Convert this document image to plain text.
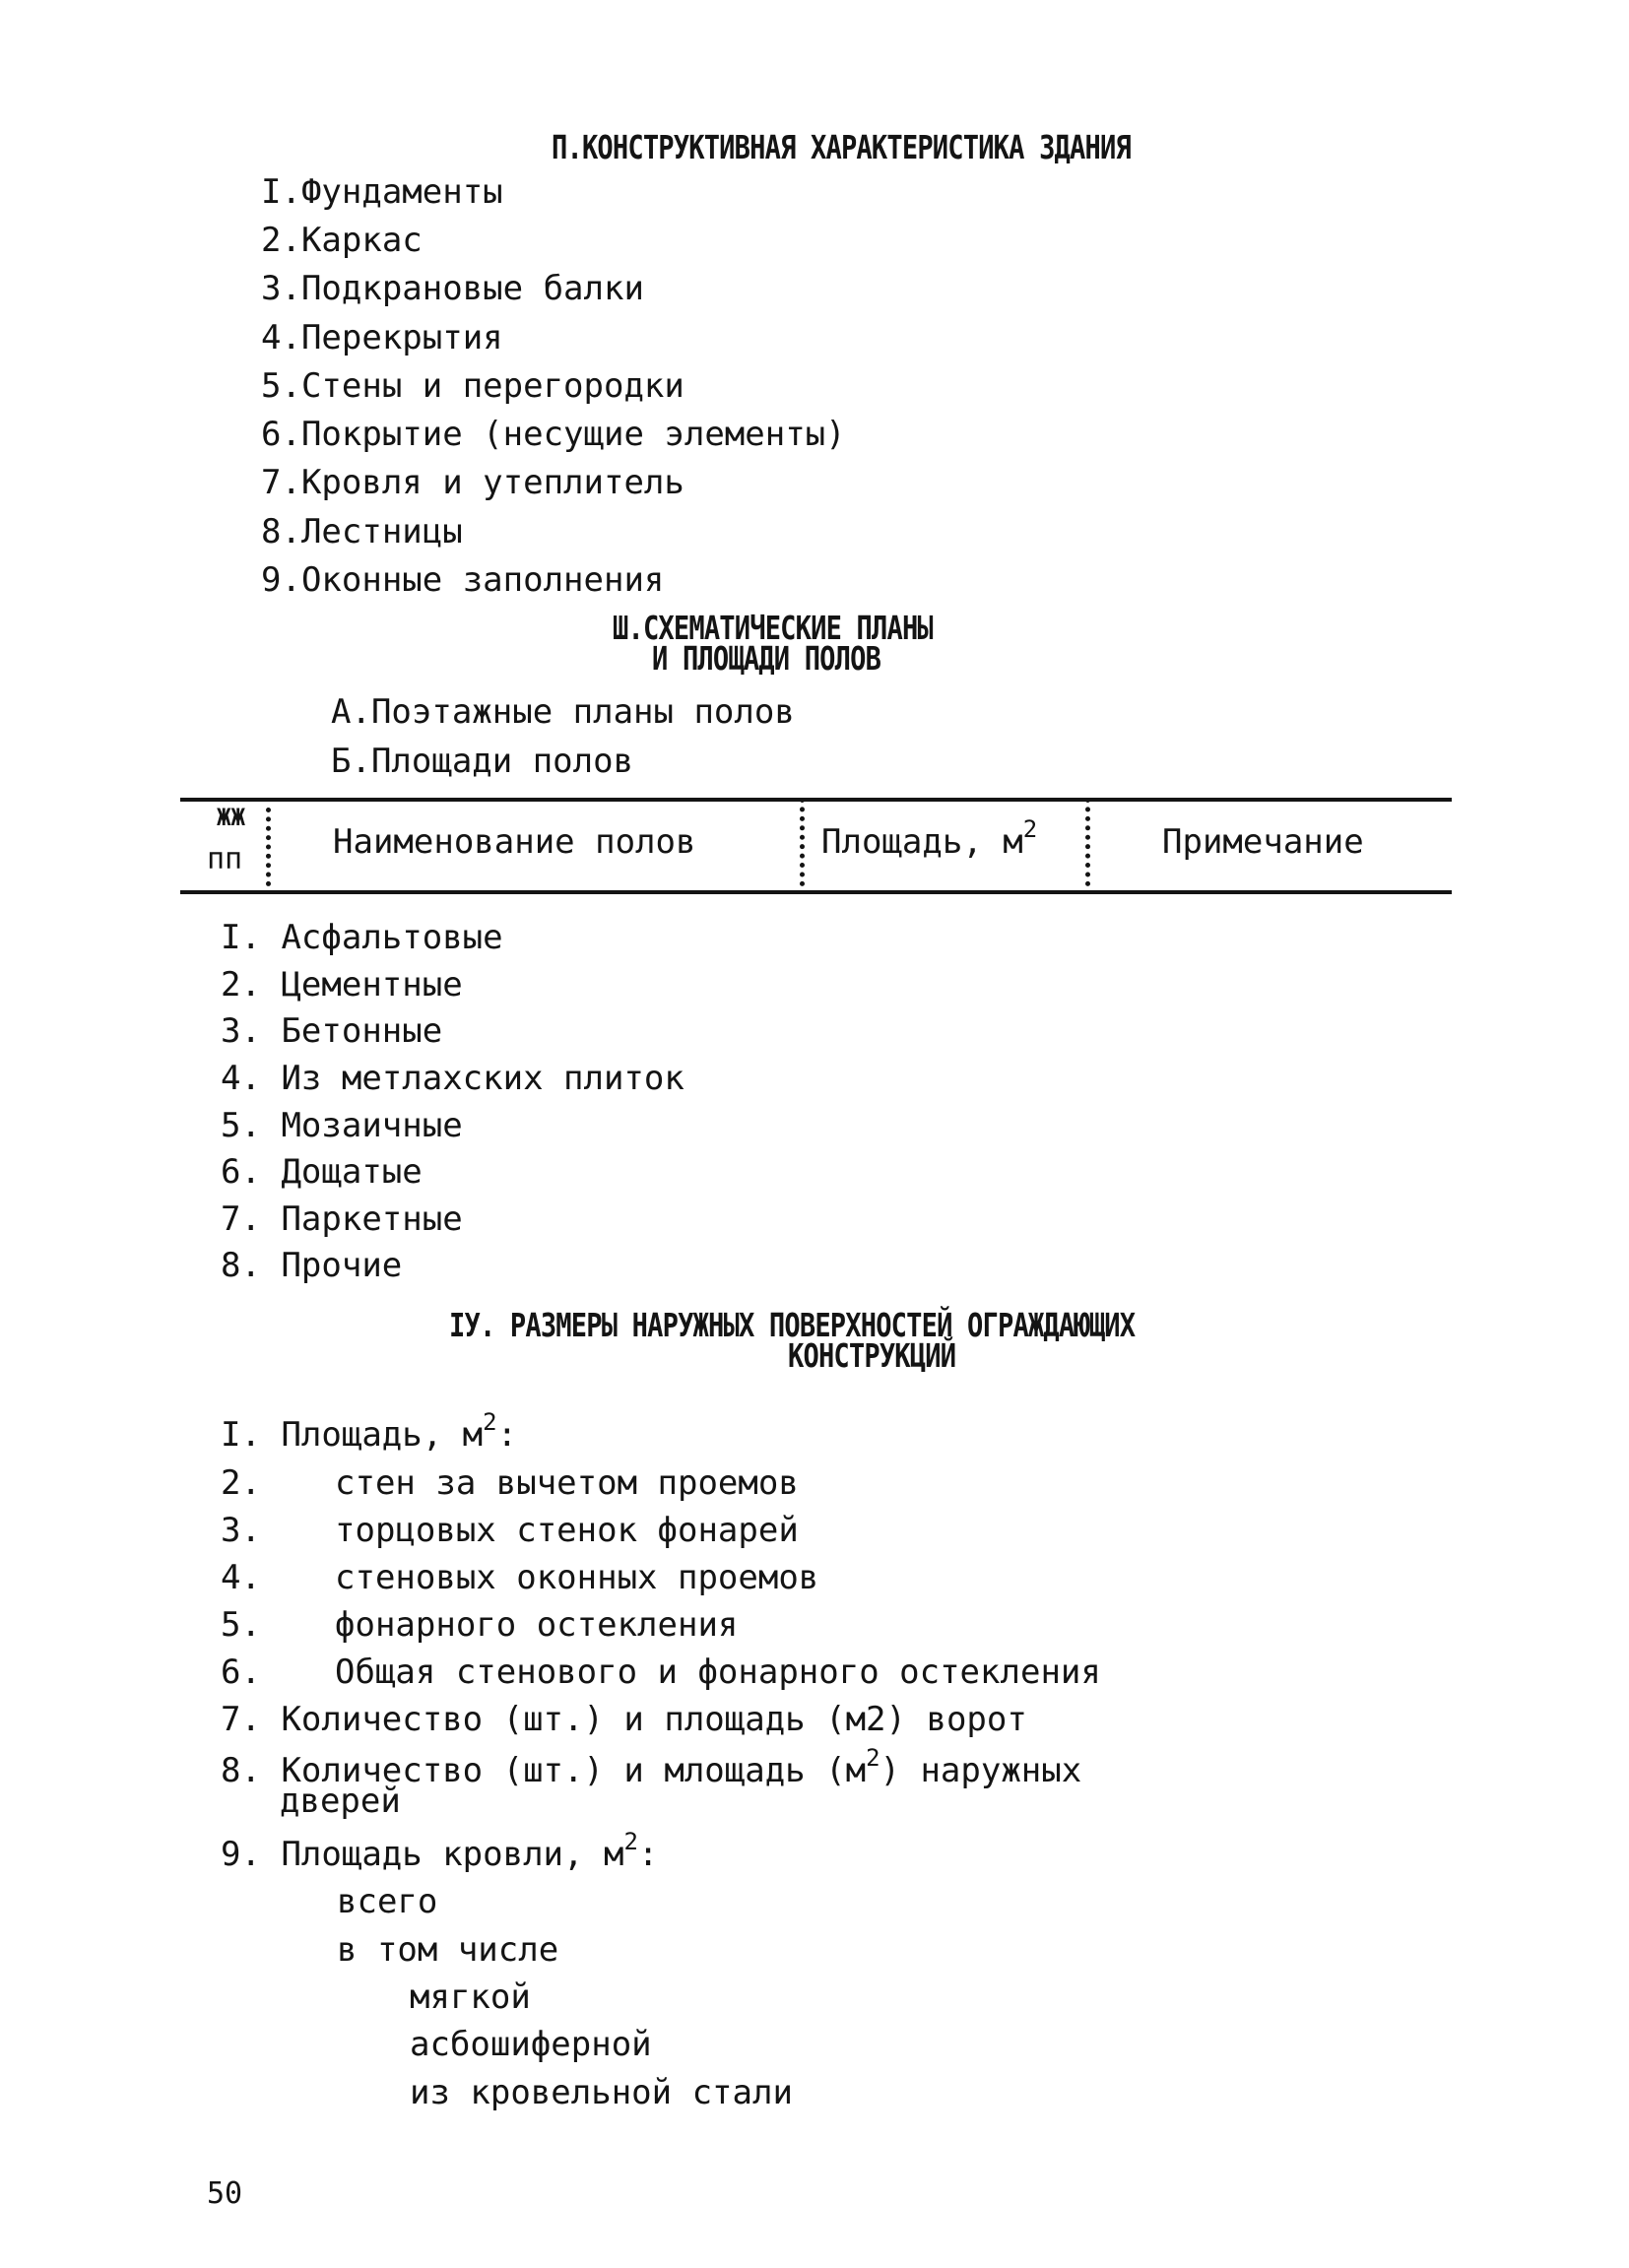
П.КОНСТРУКТИВНАЯ ХАРАКТЕРИСТИКА ЗДАНИЯ
I.Фундаменты
2.Каркас
3.Подкрановые балки
4.Перекрытия
5.Стены и перегородки
6.Покрытие (несущие элементы)
7.Кровля и утеплитель
8.Лестницы
9.Оконные заполнения
Ш.СХЕМАТИЧЕСКИЕ ПЛАНЫ
И ПЛОЩАДИ ПОЛОВ
А.Поэтажные планы полов
Б.Площади полов
ЖЖ
пп	Наименование полов	Площадь, $м^2$	Примечание
I. Асфальтовые
2. Цементные
3. Бетонные
4. Из метлахских плиток
5. Мозаичные
6. Дощатые
7. Паркетные
8. Прочие
IУ. РАЗМЕРЫ НАРУЖНЫХ ПОВЕРХНОСТЕЙ ОГРАЖДАЮЩИХ
КОНСТРУКЦИЙ
I. Площадь, $м^2$:
2. стен за вычетом проемов
3. торцовых стенок фонарей
4. стеновых оконных проемов
5. фонарного остекления
6. Общая стенового и фонарного остекления
7. Количество (шт.) и площадь (м2) ворот
8. Количество (шт.) и млощадь $(м^2)$ наружных
дверей
9. Площадь кровли, $м^2$:
всего
в том числе
мягкой
асбошиферной
из кровельной стали
50
